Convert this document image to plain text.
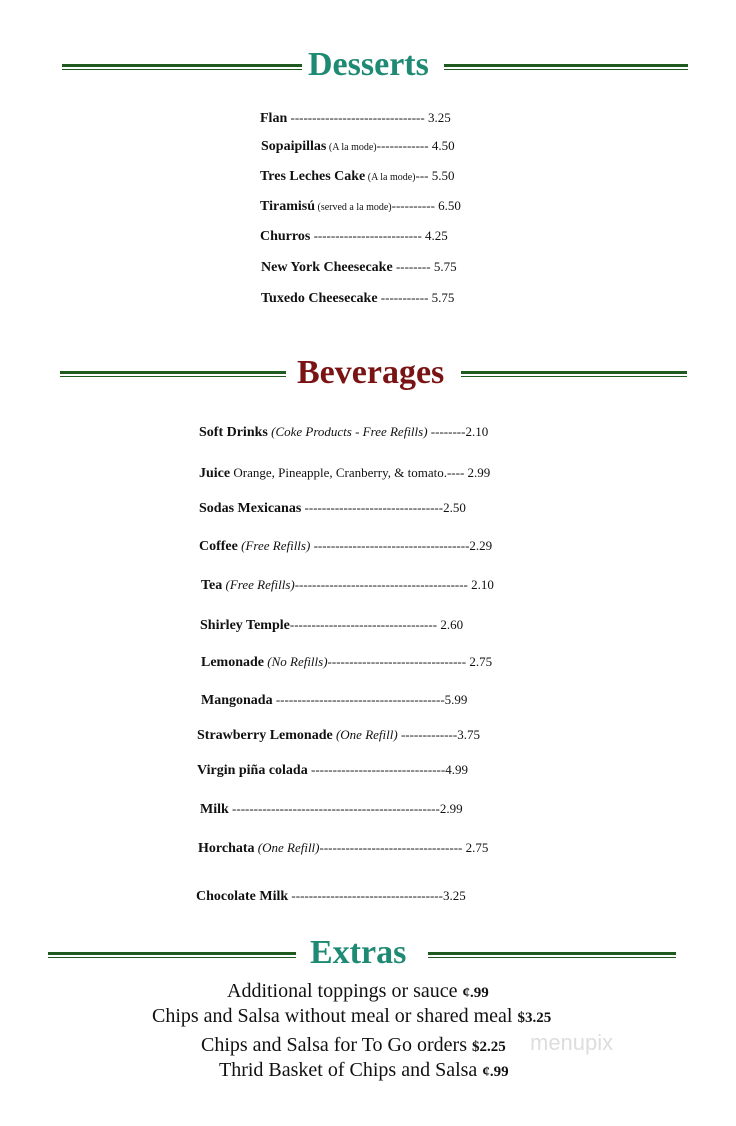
Desserts
Flan ------------------------------- 3.25
Sopaipillas (A la mode)------------ 4.50
Tres Leches Cake (A la mode)--- 5.50
Tiramisú (served a la mode)---------- 6.50
Churros ------------------------- 4.25
New York Cheesecake -------- 5.75
Tuxedo Cheesecake ----------- 5.75
Beverages
Soft Drinks (Coke Products - Free Refills) --------2.10
Juice Orange, Pineapple, Cranberry, & tomato.---- 2.99
Sodas Mexicanas --------------------------------2.50
Coffee (Free Refills) ------------------------------------2.29
Tea (Free Refills)---------------------------------------- 2.10
Shirley Temple---------------------------------- 2.60
Lemonade (No Refills)-------------------------------- 2.75
Mangonada ---------------------------------------5.99
Strawberry Lemonade (One Refill) -------------3.75
Virgin piña colada -------------------------------4.99
Milk ------------------------------------------------2.99
Horchata (One Refill)--------------------------------- 2.75
Chocolate Milk -----------------------------------3.25
Extras
Additional toppings or sauce ¢.99
Chips and Salsa without meal or shared meal $3.25
Chips and Salsa for To Go orders $2.25
Thrid Basket of Chips and Salsa ¢.99
menupix
